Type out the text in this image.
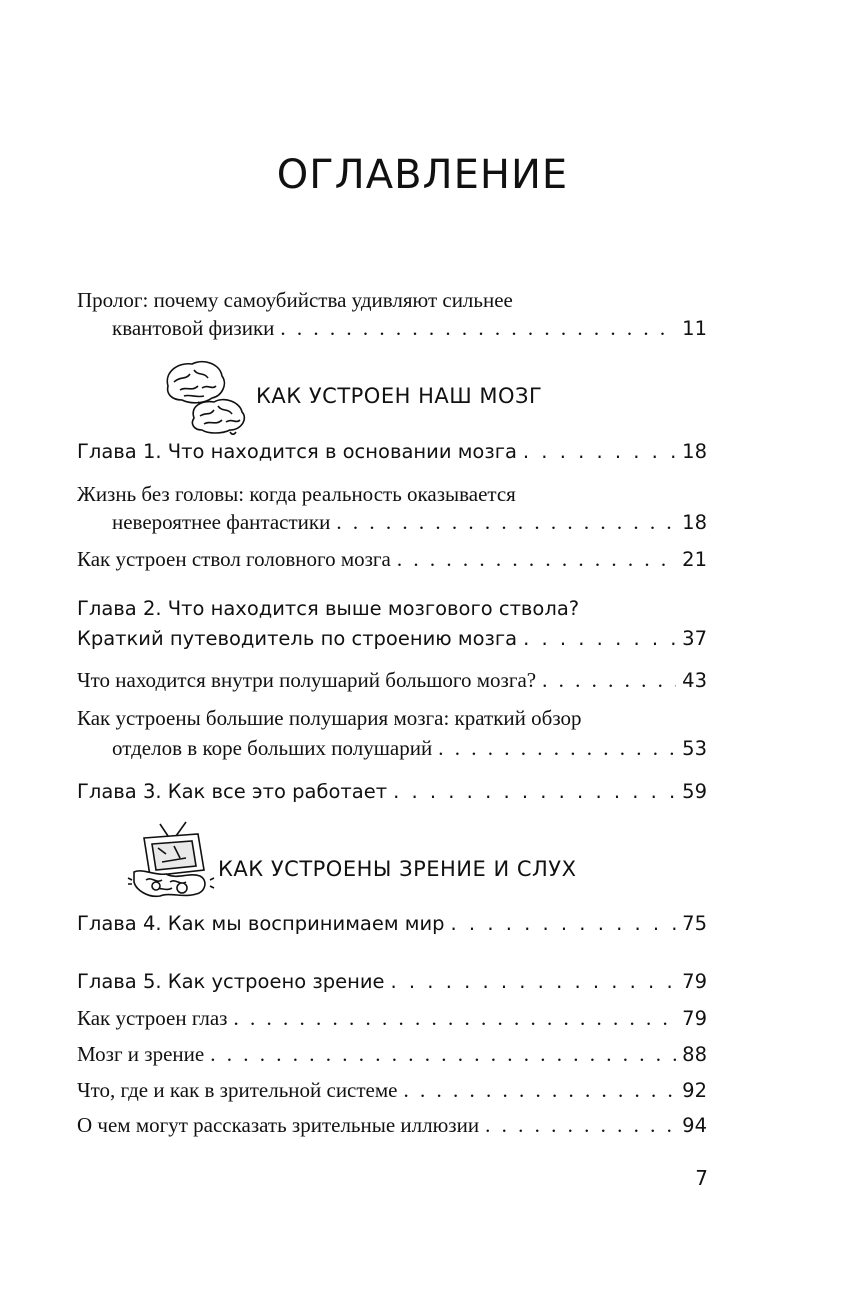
ОГЛАВЛЕНИЕ
Пролог: почему самоубийства удивляют сильнее
квантовой физики . . .	11
КАК УСТРОЕН НАШ МОЗГ
Глава 1. Что находится в основании мозга . . .	18
Жизнь без головы: когда реальность оказывается
невероятнее фантастики . . .	18
Как устроен ствол головного мозга . . .	21
Глава 2. Что находится выше мозгового ствола?
Краткий путеводитель по строению мозга . . .	37
Что находится внутри полушарий большого мозга? . . .	43
Как устроены большие полушария мозга: краткий обзор
отделов в коре больших полушарий . . .	53
Глава 3. Как все это работает . . .	59
КАК УСТРОЕНЫ ЗРЕНИЕ И СЛУХ
Глава 4. Как мы воспринимаем мир . . .	75
Глава 5. Как устроено зрение . . .	79
Как устроен глаз . . .	79
Мозг и зрение . . .	88
Что, где и как в зрительной системе . . .	92
О чем могут рассказать зрительные иллюзии . . .	94
7
